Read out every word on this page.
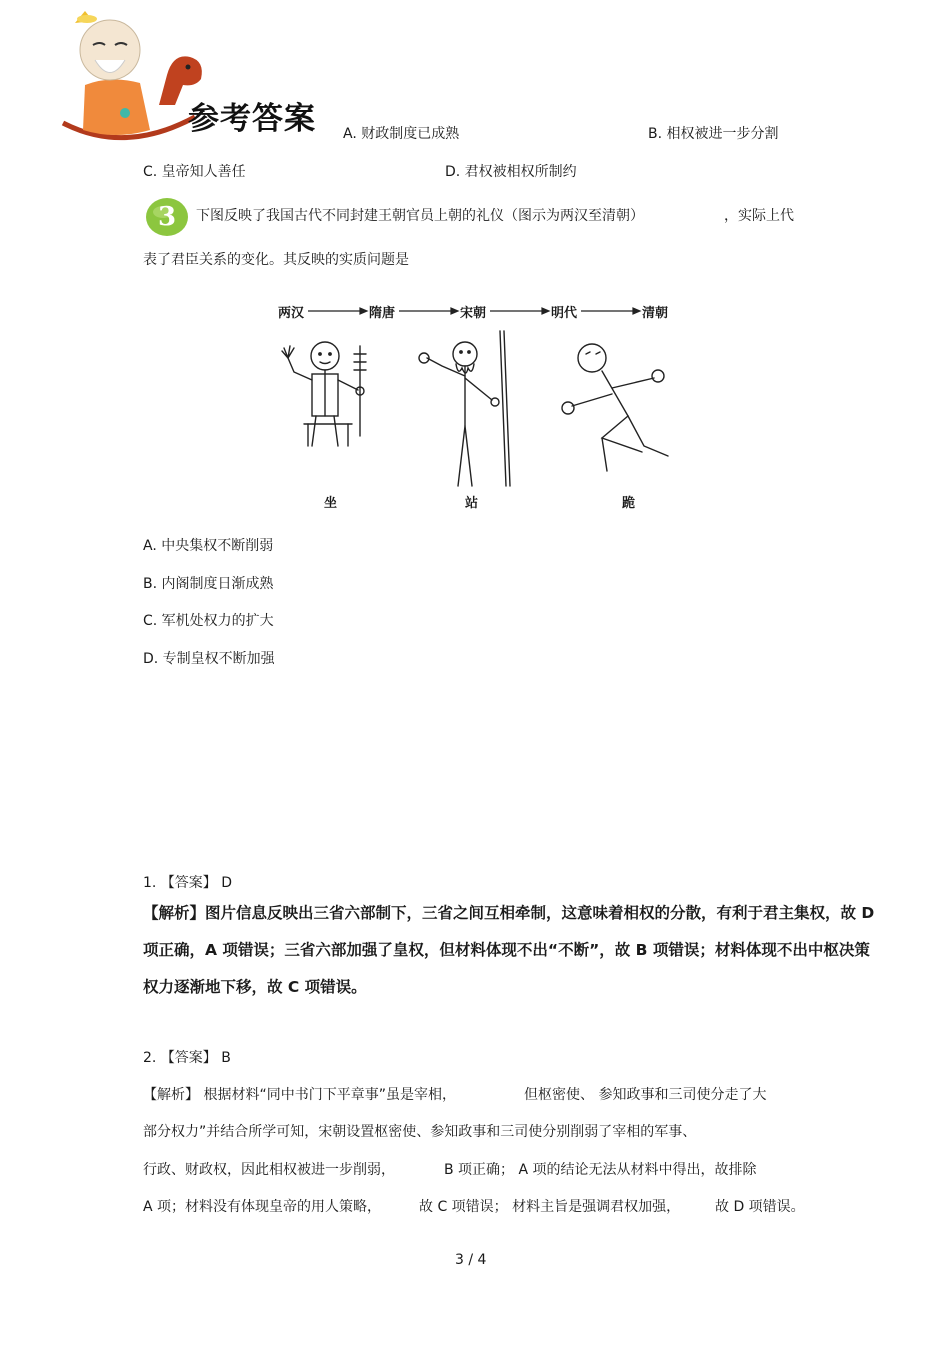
参考答案 A. 财政制度已成熟	B. 相权被进一步分割
C. 皇帝知人善任	D. 君权被相权所制约
3	下图反映了我国古代不同封建王朝官员上朝的礼仪（图示为两汉至清朝）	，实际上代
表了君臣关系的变化。其反映的实质问题是
两汉	隋唐	宋朝	明代	清朝
坐	站	跪
A. 中央集权不断削弱
B. 内阁制度日渐成熟
C. 军机处权力的扩大
D. 专制皇权不断加强
1. 【答案】 D
【解析】图片信息反映出三省六部制下，三省之间互相牵制，这意味着相权的分散，有利于君主集权，故 D
项正确，A 项错误；三省六部加强了皇权，但材料体现不出“不断”，故 B 项错误；材料体现不出中枢决策
权力逐渐地下移，故 C 项错误。
2. 【答案】 B
【解析】 根据材料“同中书门下平章事”虽是宰相，	但枢密使、 参知政事和三司使分走了大
部分权力”并结合所学可知，宋朝设置枢密使、参知政事和三司使分别削弱了宰相的军事、
行政、财政权，因此相权被进一步削弱，	B 项正确； A 项的结论无法从材料中得出，故排除
A 项；材料没有体现皇帝的用人策略，	故 C 项错误； 材料主旨是强调君权加强， 故 D 项错误。
3 / 4
